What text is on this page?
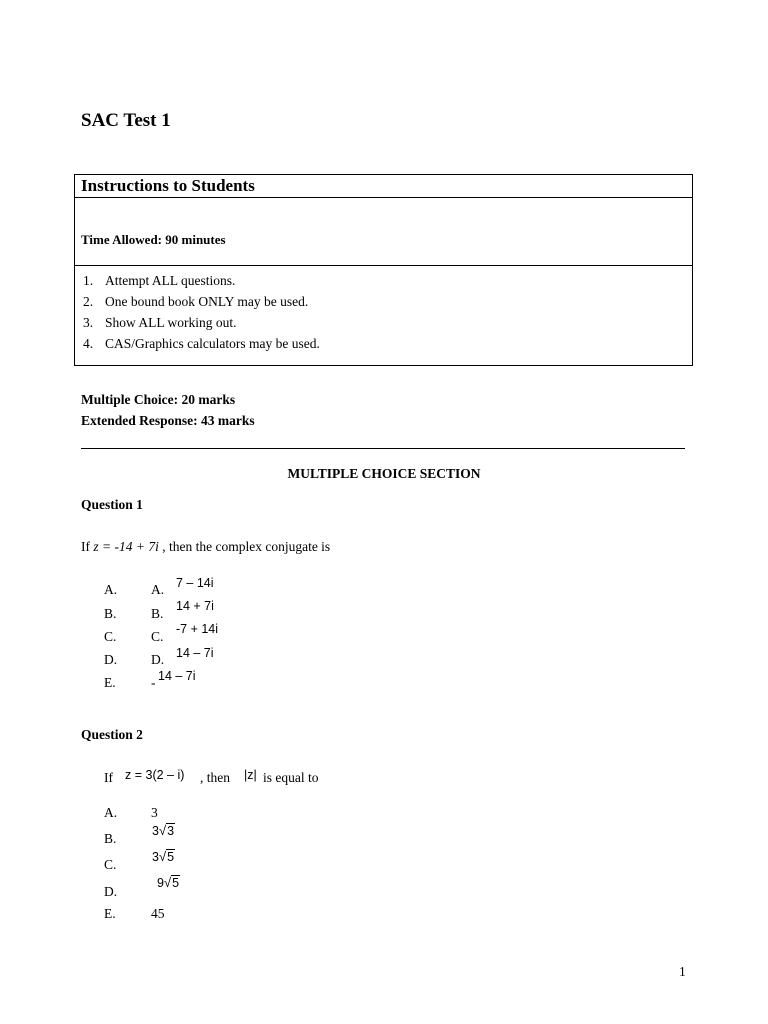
SAC Test 1
Instructions to Students
Time Allowed: 90 minutes
1. Attempt ALL questions.
2. One bound book ONLY may be used.
3. Show ALL working out.
4. CAS/Graphics calculators may be used.
Multiple Choice: 20 marks
Extended Response: 43 marks
MULTIPLE CHOICE SECTION
Question 1
If z = -14 + 7i , then the complex conjugate is
A.	A. 7 – 14i
B.	B. 14 + 7i
C.	C. -7 + 14i
D.	D. 14 – 7i
E.	- 14 – 7i
Question 2
If z = 3(2 – i) , then |z| is equal to
A.	3
B.	3√3
C.	3√5
D.
9√5
E.	45
1
